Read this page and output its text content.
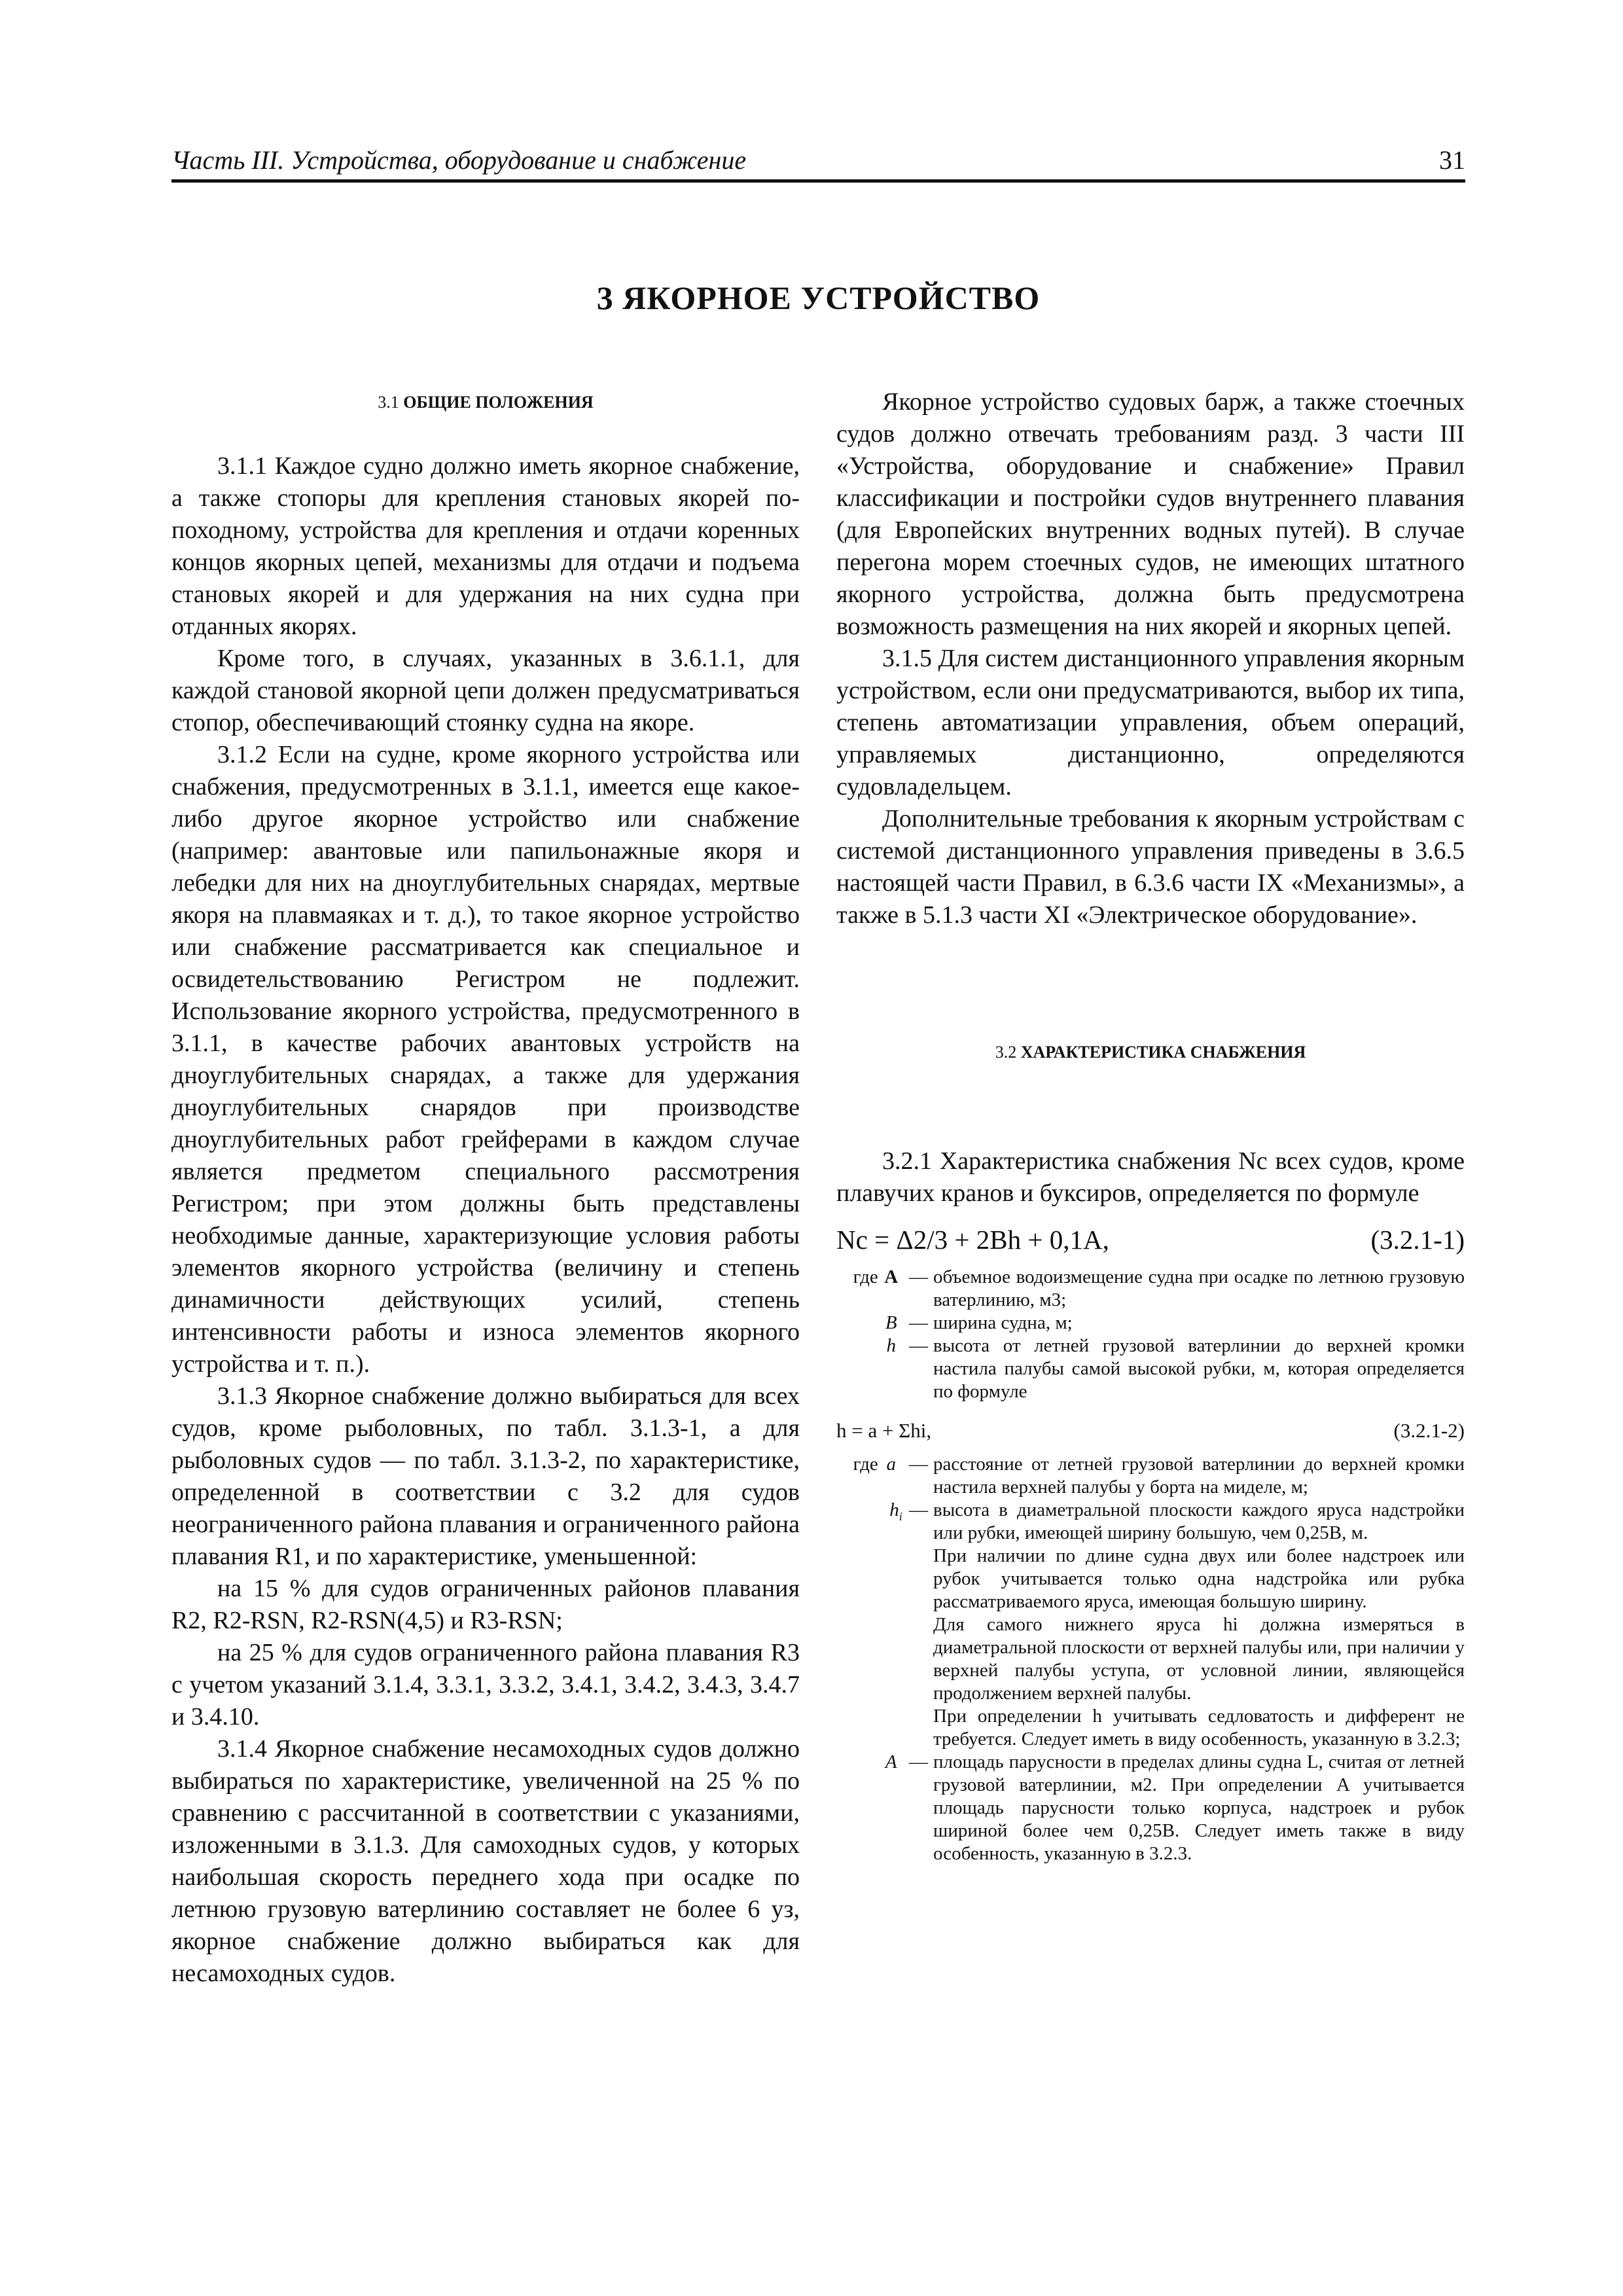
Часть III. Устройства, оборудование и снабжение	31
3 ЯКОРНОЕ УСТРОЙСТВО
3.1 ОБЩИЕ ПОЛОЖЕНИЯ

3.1.1 Каждое судно должно иметь якорное снабжение, а также стопоры для крепления становых якорей по-походному, устройства для крепления и отдачи коренных концов якорных цепей, механизмы для отдачи и подъема становых якорей и для удержания на них судна при отданных якорях.

Кроме того, в случаях, указанных в 3.6.1.1, для каждой становой якорной цепи должен предусматриваться стопор, обеспечивающий стоянку судна на якоре.

3.1.2 Если на судне, кроме якорного устройства или снабжения, предусмотренных в 3.1.1, имеется еще какое-либо другое якорное устройство или снабжение (например: авантовые или папильонажные якоря и лебедки для них на дноуглубительных снарядах, мертвые якоря на плавмаяках и т. д.), то такое якорное устройство или снабжение рассматривается как специальное и освидетельствованию Регистром не подлежит. Использование якорного устройства, предусмотренного в 3.1.1, в качестве рабочих авантовых устройств на дноуглубительных снарядах, а также для удержания дноуглубительных снарядов при производстве дноуглубительных работ грейферами в каждом случае является предметом специального рассмотрения Регистром; при этом должны быть представлены необходимые данные, характеризующие условия работы элементов якорного устройства (величину и степень динамичности действующих усилий, степень интенсивности работы и износа элементов якорного устройства и т. п.).

3.1.3 Якорное снабжение должно выбираться для всех судов, кроме рыболовных, по табл. 3.1.3-1, а для рыболовных судов — по табл. 3.1.3-2, по характеристике, определенной в соответствии с 3.2 для судов неограниченного района плавания и ограниченного района плавания R1, и по характеристике, уменьшенной:

на 15 % для судов ограниченных районов плавания R2, R2-RSN, R2-RSN(4,5) и R3-RSN;

на 25 % для судов ограниченного района плавания R3 с учетом указаний 3.1.4, 3.3.1, 3.3.2, 3.4.1, 3.4.2, 3.4.3, 3.4.7 и 3.4.10.

3.1.4 Якорное снабжение несамоходных судов должно выбираться по характеристике, увеличенной на 25 % по сравнению с рассчитанной в соответствии с указаниями, изложенными в 3.1.3. Для самоходных судов, у которых наибольшая скорость переднего хода при осадке по летнюю грузовую ватерлинию составляет не более 6 уз, якорное снабжение должно выбираться как для несамоходных судов.

Якорное устройство судовых барж, а также стоечных судов должно отвечать требованиям разд. 3 части III «Устройства, оборудование и снабжение» Правил классификации и постройки судов внутреннего плавания (для Европейских внутренних водных путей). В случае перегона морем стоечных судов, не имеющих штатного якорного устройства, должна быть предусмотрена возможность размещения на них якорей и якорных цепей.

3.1.5 Для систем дистанционного управления якорным устройством, если они предусматриваются, выбор их типа, степень автоматизации управления, объем операций, управляемых дистанционно, определяются судовладельцем.

Дополнительные требования к якорным устройствам с системой дистанционного управления приведены в 3.6.5 настоящей части Правил, в 6.3.6 части IX «Механизмы», а также в 5.1.3 части XI «Электрическое оборудование».

3.2 ХАРАКТЕРИСТИКА СНАБЖЕНИЯ

3.2.1 Характеристика снабжения Nc всех судов, кроме плавучих кранов и буксиров, определяется по формуле

Nc = Δ2/3 + 2Bh + 0,1A,	(3.2.1-1)
где A — объемное водоизмещение судна при осадке по летнюю грузовую ватерлинию, м3;
B — ширина судна, м;
h — высота от летней грузовой ватерлинии до верхней кромки настила палубы самой высокой рубки, м, которая определяется по формуле
h = a + Σhi,	(3.2.1-2)
где a — расстояние от летней грузовой ватерлинии до верхней кромки настила верхней палубы у борта на миделе, м;
$h_i$ — высота в диаметральной плоскости каждого яруса надстройки или рубки, имеющей ширину большую, чем 0,25B, м.
При наличии по длине судна двух или более надстроек или рубок учитывается только одна надстройка или рубка рассматриваемого яруса, имеющая большую ширину.
Для самого нижнего яруса hi должна измеряться в диаметральной плоскости от верхней палубы или, при наличии у верхней палубы уступа, от условной линии, являющейся продолжением верхней палубы.
При определении h учитывать седловатость и дифферент не требуется. Следует иметь в виду особенность, указанную в 3.2.3;
A — площадь парусности в пределах длины судна L, считая от летней грузовой ватерлинии, м2. При определении A учитывается площадь парусности только корпуса, надстроек и рубок шириной более чем 0,25B. Следует иметь также в виду особенность, указанную в 3.2.3.
